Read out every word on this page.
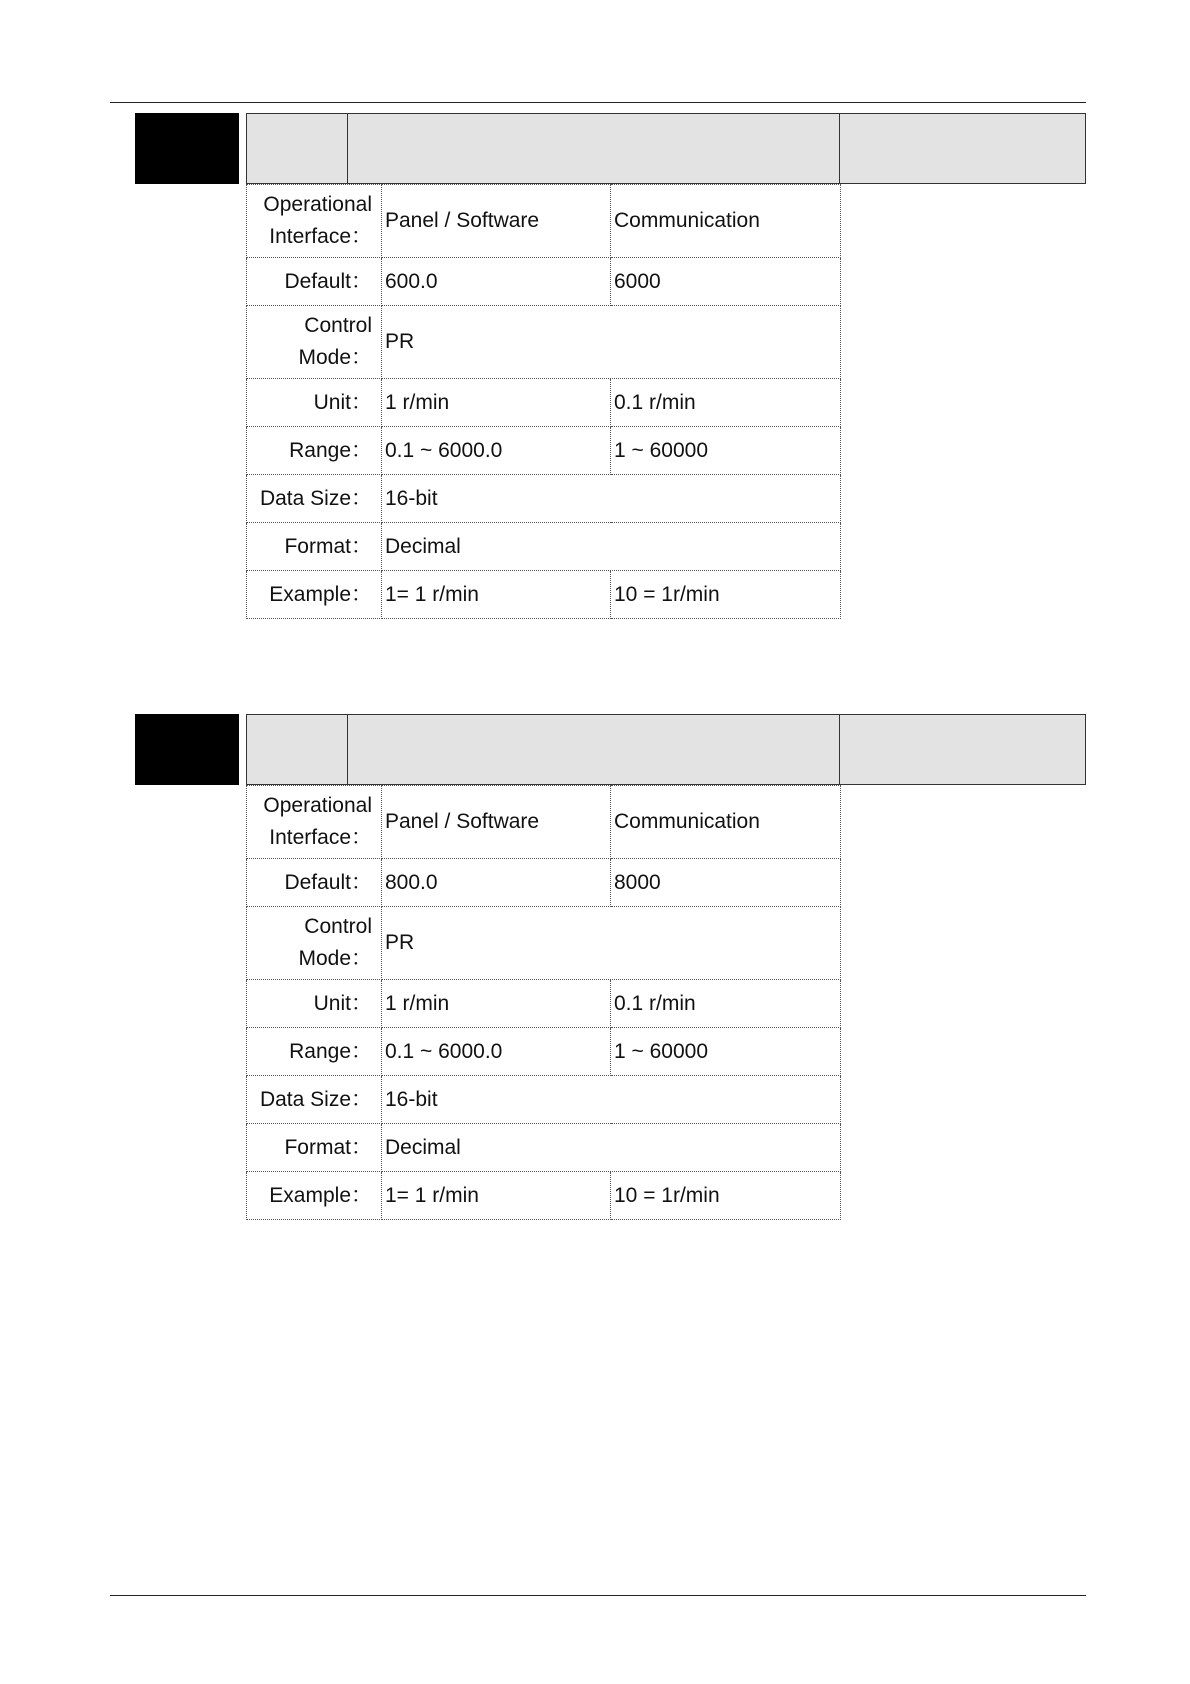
Operational
Interface：	Panel / Software	Communication
Default：	600.0	6000

Control
Mode：	PR	
Unit：	1 r/min	0.1 r/min
Range：	0.1 ~ 6000.0	1 ~ 60000
Data Size：	16-bit	
Format：	Decimal	
Example：	1= 1 r/min	10 = 1r/min
Operational
Interface：	Panel / Software	Communication
Default：	800.0	8000

Control
Mode：	PR	
Unit：	1 r/min	0.1 r/min
Range：	0.1 ~ 6000.0	1 ~ 60000
Data Size：	16-bit	
Format：	Decimal	
Example：	1= 1 r/min	10 = 1r/min
